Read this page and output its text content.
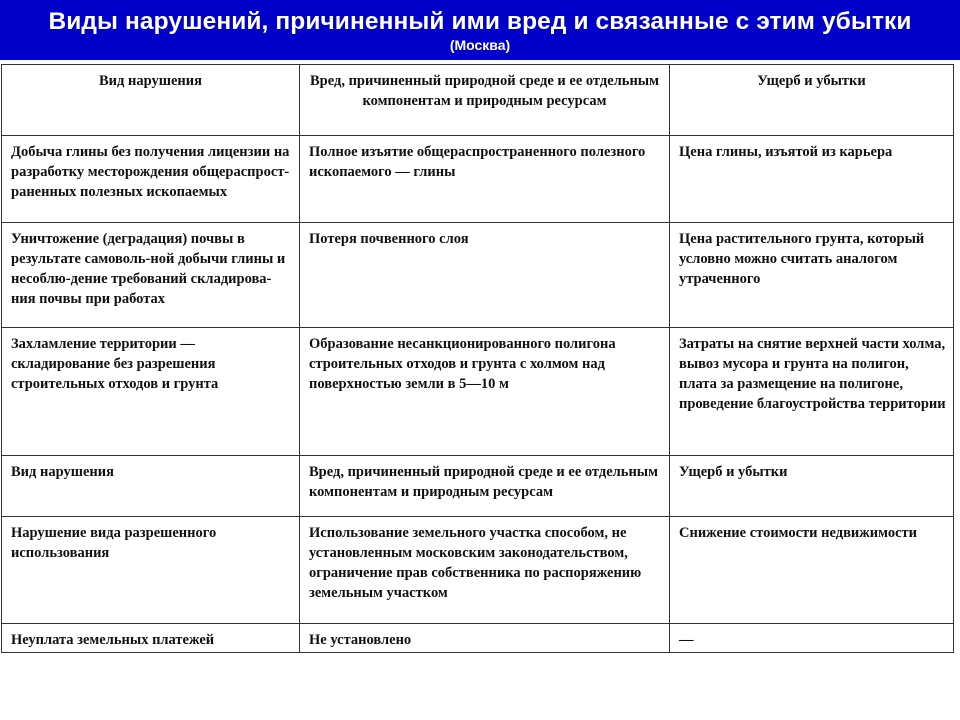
Виды нарушений, причиненный ими вред и связанные с этим убытки
(Москва)
Вид нарушения	Вред, причиненный природной среде и ее отдельным компонентам и природным ресурсам	Ущерб и убытки
Добыча глины без получения лицензии на разработку месторождения общераспрост-раненных полезных ископаемых	Полное изъятие общераспространенного полезного ископаемого — глины	Цена глины, изъятой из карьера
Уничтожение (деградация) почвы в результате самоволь-ной добычи глины и несоблю-дение требований складирова-ния почвы при работах	Потеря почвенного слоя	Цена растительного грунта, который условно можно считать аналогом утраченного
Захламление территории — складирование без разрешения строительных отходов и грунта	Образование несанкционированного полигона строительных отходов и грунта с холмом над поверхностью земли в 5—10 м	Затраты на снятие верхней части холма, вывоз мусора и грунта на полигон, плата за размещение на полигоне, проведение благоустройства территории
Вид нарушения	Вред, причиненный природной среде и ее отдельным компонентам и природным ресурсам	Ущерб и убытки
Нарушение вида разрешенного использования	Использование земельного участка способом, не установленным московским законодательством, ограничение прав собственника по распоряжению земельным участком	Снижение стоимости недвижимости
Неуплата земельных платежей	Не установлено	—
